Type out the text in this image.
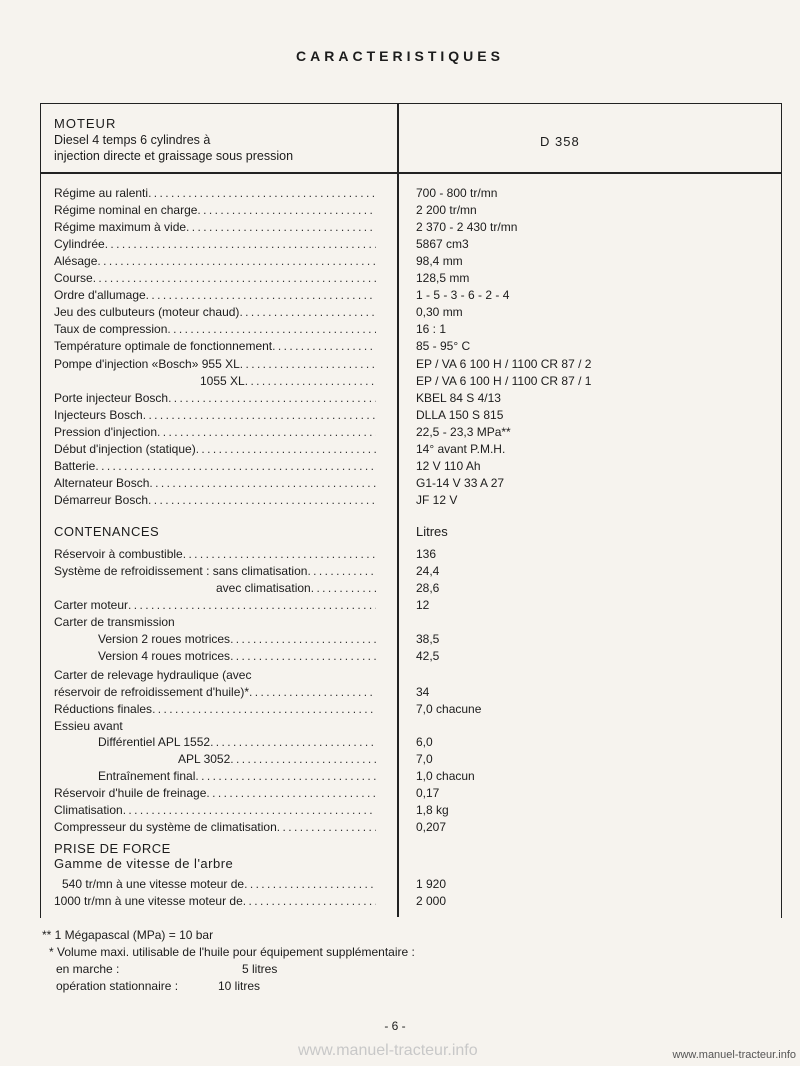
CARACTERISTIQUES
MOTEUR
Diesel 4 temps 6 cylindres à
injection directe et graissage sous pression
D 358
Régime au ralenti .....	700 - 800 tr/mn
Régime nominal en charge .....	2 200 tr/mn
Régime maximum à vide .....	2 370 - 2 430 tr/mn
Cylindrée .....	5867 cm3
Alésage .....	98,4 mm
Course .....	128,5 mm
Ordre d'allumage .....	1 - 5 - 3 - 6 - 2 - 4
Jeu des culbuteurs (moteur chaud) .....	0,30 mm
Taux de compression .....	16 : 1
Température optimale de fonctionnement .....	85 - 95° C
Pompe d'injection «Bosch» 955 XL .....	EP / VA 6 100 H / 1100 CR 87 / 2
1055 XL .....	EP / VA 6 100 H / 1100 CR 87 / 1
Porte injecteur Bosch .....	KBEL 84 S 4/13
Injecteurs Bosch .....	DLLA 150 S 815
Pression d'injection .....	22,5 - 23,3 MPa**
Début d'injection (statique) .....	14° avant P.M.H.
Batterie .....	12 V 110 Ah
Alternateur Bosch .....	G1-14 V 33 A 27
Démarreur Bosch .....	JF 12 V
CONTENANCES	Litres
Réservoir à combustible .....	136
Système de refroidissement : sans climatisation .....	24,4
avec climatisation .....	28,6
Carter moteur .....	12
Carter de transmission
Version 2 roues motrices .....	38,5
Version 4 roues motrices .....	42,5
Carter de relevage hydraulique (avec
réservoir de refroidissement d'huile)* .....	34
Réductions finales .....	7,0 chacune
Essieu avant
Différentiel APL 1552 .....	6,0
APL 3052 .....	7,0
Entraînement final .....	1,0 chacun
Réservoir d'huile de freinage .....	0,17
Climatisation .....	1,8 kg
Compresseur du système de climatisation .....	0,207
PRISE DE FORCE
Gamme de vitesse de l'arbre
540 tr/mn à une vitesse moteur de .....	1 920
1000 tr/mn à une vitesse moteur de .....	2 000
** 1 Mégapascal (MPa) = 10 bar
* Volume maxi. utilisable de l'huile pour équipement supplémentaire :
en marche :	5 litres
opération stationnaire :	10 litres
- 6 -
www.manuel-tracteur.info	www.manuel-tracteur.info
